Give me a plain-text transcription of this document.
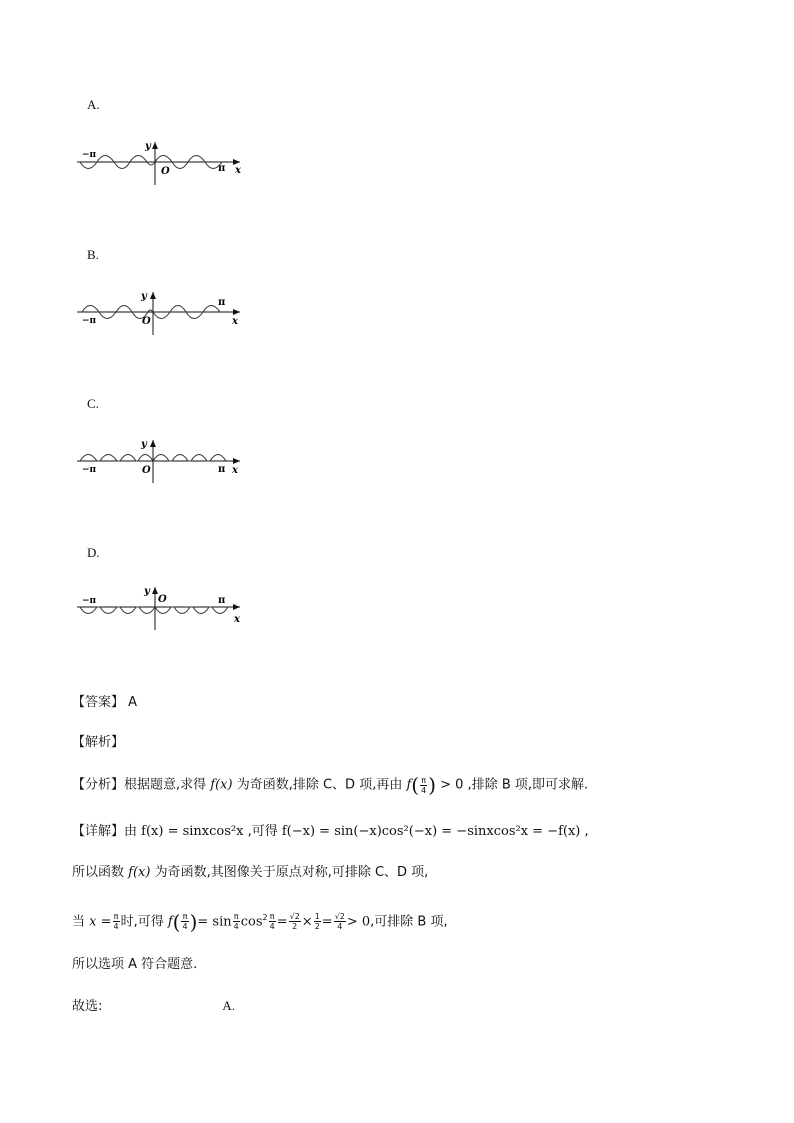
A.
−π
π
y
O	x
B.
−π
π
y
O	x
C.
−π	π
y
O	x
D.
−π	π
y
O
x
【答案】 A
【解析】
【分析】根据题意,求得 f(x) 为奇函数,排除 C、D 项,再由 $f( \frac{\pi}{4}$ ) > 0 ,排除 B 项,即可求解.
【详解】由 f(x) = sinxcos²x ,可得 f(−x) = sin(−x)cos²(−x) = −sinxcos²x = −f(x) ,
所以函数 f(x) 为奇函数,其图像关于原点对称,可排除 C、D 项,
当 $x = \frac{\pi}{4}$ 时,可得 $f( \frac{\pi}{4}$ )= $\sin \frac{\pi}{4} \cos^2 \frac{\pi}{4} = \frac{√2}{2} \times \frac{1}{2} = \frac{√2}{4} > 0$,可排除 B 项,
所以选项 A 符合题意.
故选:	A.
